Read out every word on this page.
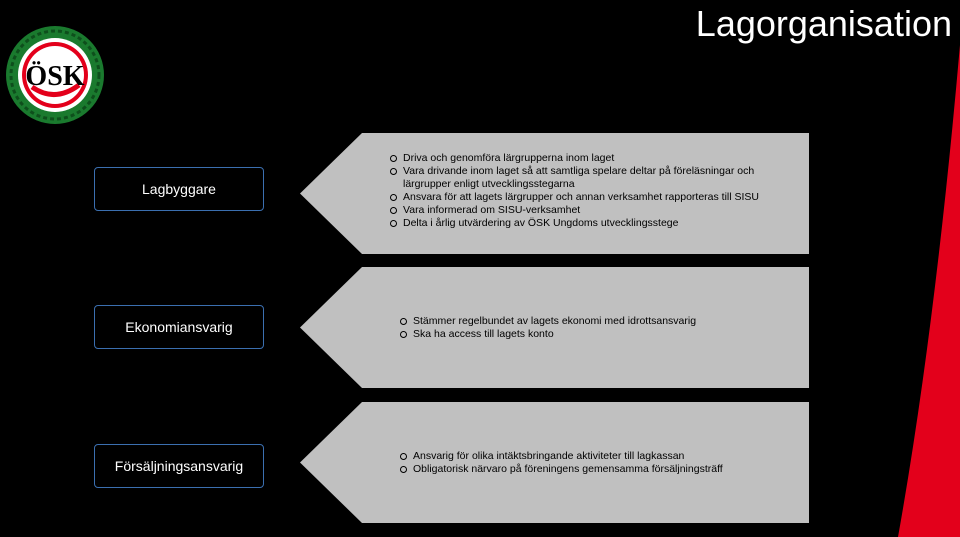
Lagorganisation
ÖSK
Lagbyggare
Driva och genomföra lärgrupperna inom laget
Vara drivande inom laget så att samtliga spelare deltar på föreläsningar och lärgrupper enligt utvecklingsstegarna
Ansvara för att lagets lärgrupper och annan verksamhet rapporteras till SISU
Vara informerad om SISU-verksamhet
Delta i årlig utvärdering av ÖSK Ungdoms utvecklingsstege
Ekonomiansvarig	Stämmer regelbundet av lagets ekonomi med idrottsansvarig
Ska ha access till lagets konto
Försäljningsansvarig
Ansvarig för olika intäktsbringande aktiviteter till lagkassan
Obligatorisk närvaro på föreningens gemensamma försäljningsträff
